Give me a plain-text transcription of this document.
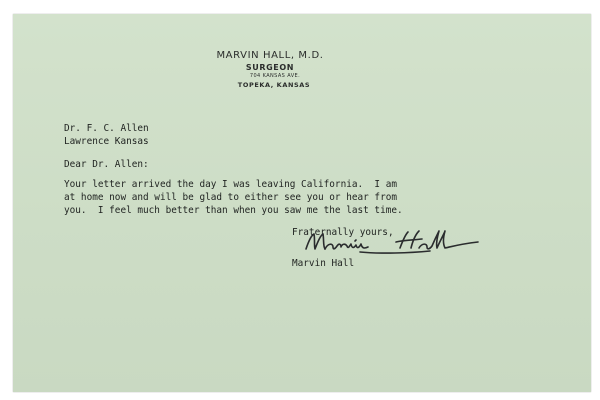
MARVIN HALL, M.D.
SURGEON
704 KANSAS AVE.
TOPEKA, KANSAS
Dr. F. C. Allen
Lawrence Kansas
Dear Dr. Allen:
Your letter arrived the day I was leaving California.  I am
at home now and will be glad to either see you or hear from
you.  I feel much better than when you saw me the last time.
Fraternally yours,
Marvin Hall
